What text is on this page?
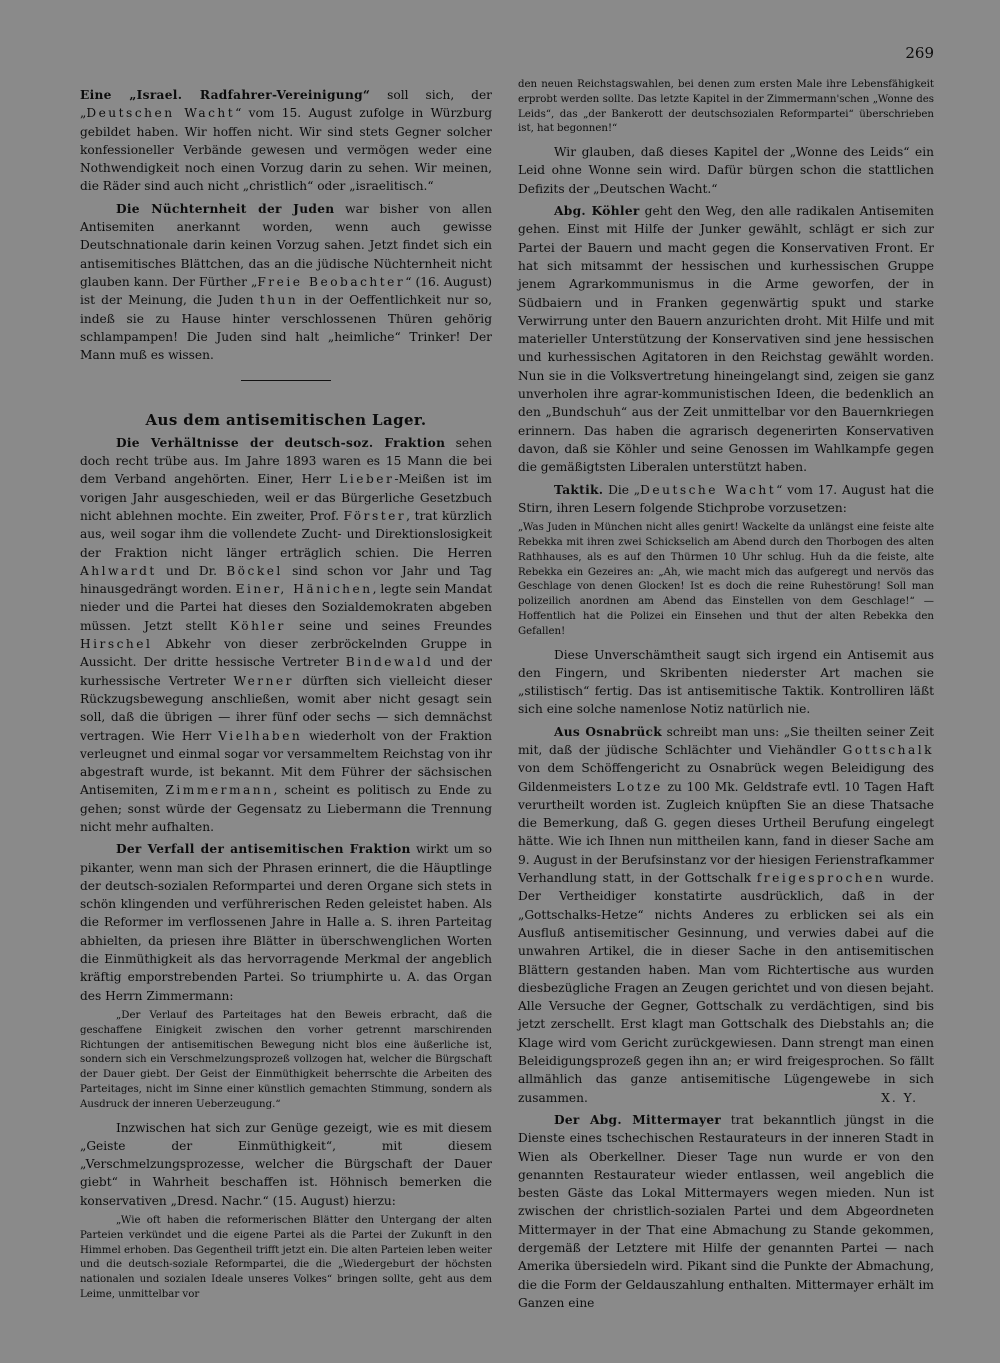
269

Eine „Israel. Radfahrer-Vereinigung“ soll sich, der „Deutschen Wacht“ vom 15. August zufolge in Würzburg gebildet haben. Wir hoffen nicht. Wir sind stets Gegner solcher konfessioneller Verbände gewesen und vermögen weder eine Nothwendigkeit noch einen Vorzug darin zu sehen. Wir meinen, die Räder sind auch nicht „christlich“ oder „israelitisch.“

Die Nüchternheit der Juden war bisher von allen Antisemiten anerkannt worden, wenn auch gewisse Deutschnationale darin keinen Vorzug sahen. Jetzt findet sich ein antisemitisches Blättchen, das an die jüdische Nüchternheit nicht glauben kann. Der Fürther „Freie Beobachter“ (16. August) ist der Meinung, die Juden thun in der Oeffentlichkeit nur so, indeß sie zu Hause hinter verschlossenen Thüren gehörig schlampampen! Die Juden sind halt „heimliche“ Trinker! Der Mann muß es wissen.

Aus dem antisemitischen Lager.

Die Verhältnisse der deutsch-soz. Fraktion sehen doch recht trübe aus. Im Jahre 1893 waren es 15 Mann die bei dem Verband angehörten. Einer, Herr Lieber-Meißen ist im vorigen Jahr ausgeschieden, weil er das Bürgerliche Gesetzbuch nicht ablehnen mochte. Ein zweiter, Prof. Förster, trat kürzlich aus, weil sogar ihm die vollendete Zucht- und Direktionslosigkeit der Fraktion nicht länger erträglich schien. Die Herren Ahlwardt und Dr. Böckel sind schon vor Jahr und Tag hinausgedrängt worden. Einer, Hänichen, legte sein Mandat nieder und die Partei hat dieses den Sozialdemokraten abgeben müssen. Jetzt stellt Köhler seine und seines Freundes Hirschel Abkehr von dieser zerbröckelnden Gruppe in Aussicht. Der dritte hessische Vertreter Bindewald und der kurhessische Vertreter Werner dürften sich vielleicht dieser Rückzugsbewegung anschließen, womit aber nicht gesagt sein soll, daß die übrigen — ihrer fünf oder sechs — sich demnächst vertragen. Wie Herr Vielhaben wiederholt von der Fraktion verleugnet und einmal sogar vor versammeltem Reichstag von ihr abgestraft wurde, ist bekannt. Mit dem Führer der sächsischen Antisemiten, Zimmermann, scheint es politisch zu Ende zu gehen; sonst würde der Gegensatz zu Liebermann die Trennung nicht mehr aufhalten.

Der Verfall der antisemitischen Fraktion wirkt um so pikanter, wenn man sich der Phrasen erinnert, die die Häuptlinge der deutsch-sozialen Reformpartei und deren Organe sich stets in schön klingenden und verführerischen Reden geleistet haben. Als die Reformer im verflossenen Jahre in Halle a. S. ihren Parteitag abhielten, da priesen ihre Blätter in überschwenglichen Worten die Einmüthigkeit als das hervorragende Merkmal der angeblich kräftig emporstrebenden Partei. So triumphirte u. A. das Organ des Herrn Zimmermann:

„Der Verlauf des Parteitages hat den Beweis erbracht, daß die geschaffene Einigkeit zwischen den vorher getrennt marschirenden Richtungen der antisemitischen Bewegung nicht blos eine äußerliche ist, sondern sich ein Verschmelzungsprozeß vollzogen hat, welcher die Bürgschaft der Dauer giebt. Der Geist der Einmüthigkeit beherrschte die Arbeiten des Parteitages, nicht im Sinne einer künstlich gemachten Stimmung, sondern als Ausdruck der inneren Ueberzeugung.“

Inzwischen hat sich zur Genüge gezeigt, wie es mit diesem „Geiste der Einmüthigkeit“, mit diesem „Verschmelzungsprozesse, welcher die Bürgschaft der Dauer giebt“ in Wahrheit beschaffen ist. Höhnisch bemerken die konservativen „Dresd. Nachr.“ (15. August) hierzu:

„Wie oft haben die reformerischen Blätter den Untergang der alten Parteien verkündet und die eigene Partei als die Partei der Zukunft in den Himmel erhoben. Das Gegentheil trifft jetzt ein. Die alten Parteien leben weiter und die deutsch-soziale Reformpartei, die die „Wiedergeburt der höchsten nationalen und sozialen Ideale unseres Volkes“ bringen sollte, geht aus dem Leime, unmittelbar vor

den neuen Reichstagswahlen, bei denen zum ersten Male ihre Lebensfähigkeit erprobt werden sollte. Das letzte Kapitel in der Zimmermann'schen „Wonne des Leids“, das „der Bankerott der deutschsozialen Reformpartei“ überschrieben ist, hat begonnen!“

Wir glauben, daß dieses Kapitel der „Wonne des Leids“ ein Leid ohne Wonne sein wird. Dafür bürgen schon die stattlichen Defizits der „Deutschen Wacht.“

Abg. Köhler geht den Weg, den alle radikalen Antisemiten gehen. Einst mit Hilfe der Junker gewählt, schlägt er sich zur Partei der Bauern und macht gegen die Konservativen Front. Er hat sich mitsammt der hessischen und kurhessischen Gruppe jenem Agrarkommunismus in die Arme geworfen, der in Südbaiern und in Franken gegenwärtig spukt und starke Verwirrung unter den Bauern anzurichten droht. Mit Hilfe und mit materieller Unterstützung der Konservativen sind jene hessischen und kurhessischen Agitatoren in den Reichstag gewählt worden. Nun sie in die Volksvertretung hineingelangt sind, zeigen sie ganz unverholen ihre agrar-kommunistischen Ideen, die bedenklich an den „Bundschuh“ aus der Zeit unmittelbar vor den Bauernkriegen erinnern. Das haben die agrarisch degenerirten Konservativen davon, daß sie Köhler und seine Genossen im Wahlkampfe gegen die gemäßigtsten Liberalen unterstützt haben.

Taktik. Die „Deutsche Wacht“ vom 17. August hat die Stirn, ihren Lesern folgende Stichprobe vorzusetzen:

„Was Juden in München nicht alles genirt! Wackelte da unlängst eine feiste alte Rebekka mit ihren zwei Schickselich am Abend durch den Thorbogen des alten Rathhauses, als es auf den Thürmen 10 Uhr schlug. Huh da die feiste, alte Rebekka ein Gezeires an: „Ah, wie macht mich das aufgeregt und nervös das Geschlage von denen Glocken! Ist es doch die reine Ruhestörung! Soll man polizeilich anordnen am Abend das Einstellen von dem Geschlage!“ — Hoffentlich hat die Polizei ein Einsehen und thut der alten Rebekka den Gefallen!

Diese Unverschämtheit saugt sich irgend ein Antisemit aus den Fingern, und Skribenten niederster Art machen sie „stilistisch“ fertig. Das ist antisemitische Taktik. Kontrolliren läßt sich eine solche namenlose Notiz natürlich nie.

Aus Osnabrück schreibt man uns: „Sie theilten seiner Zeit mit, daß der jüdische Schlächter und Viehändler Gottschalk von dem Schöffengericht zu Osnabrück wegen Beleidigung des Gildenmeisters Lotze zu 100 Mk. Geldstrafe evtl. 10 Tagen Haft verurtheilt worden ist. Zugleich knüpften Sie an diese Thatsache die Bemerkung, daß G. gegen dieses Urtheil Berufung eingelegt hätte. Wie ich Ihnen nun mittheilen kann, fand in dieser Sache am 9. August in der Berufsinstanz vor der hiesigen Ferienstrafkammer Verhandlung statt, in der Gottschalk freigesprochen wurde. Der Vertheidiger konstatirte ausdrücklich, daß in der „Gottschalks-Hetze“ nichts Anderes zu erblicken sei als ein Ausfluß antisemitischer Gesinnung, und verwies dabei auf die unwahren Artikel, die in dieser Sache in den antisemitischen Blättern gestanden haben. Man vom Richtertische aus wurden diesbezügliche Fragen an Zeugen gerichtet und von diesen bejaht. Alle Versuche der Gegner, Gottschalk zu verdächtigen, sind bis jetzt zerschellt. Erst klagt man Gottschalk des Diebstahls an; die Klage wird vom Gericht zurückgewiesen. Dann strengt man einen Beleidigungsprozeß gegen ihn an; er wird freigesprochen. So fällt allmählich das ganze antisemitische Lügengewebe in sich zusammen.	X. Y.

Der Abg. Mittermayer trat bekanntlich jüngst in die Dienste eines tschechischen Restaurateurs in der inneren Stadt in Wien als Oberkellner. Dieser Tage nun wurde er von den genannten Restaurateur wieder entlassen, weil angeblich die besten Gäste das Lokal Mittermayers wegen mieden. Nun ist zwischen der christlich-sozialen Partei und dem Abgeordneten Mittermayer in der That eine Abmachung zu Stande gekommen, dergemäß der Letztere mit Hilfe der genannten Partei — nach Amerika übersiedeln wird. Pikant sind die Punkte der Abmachung, die die Form der Geldauszahlung enthalten. Mittermayer erhält im Ganzen eine
